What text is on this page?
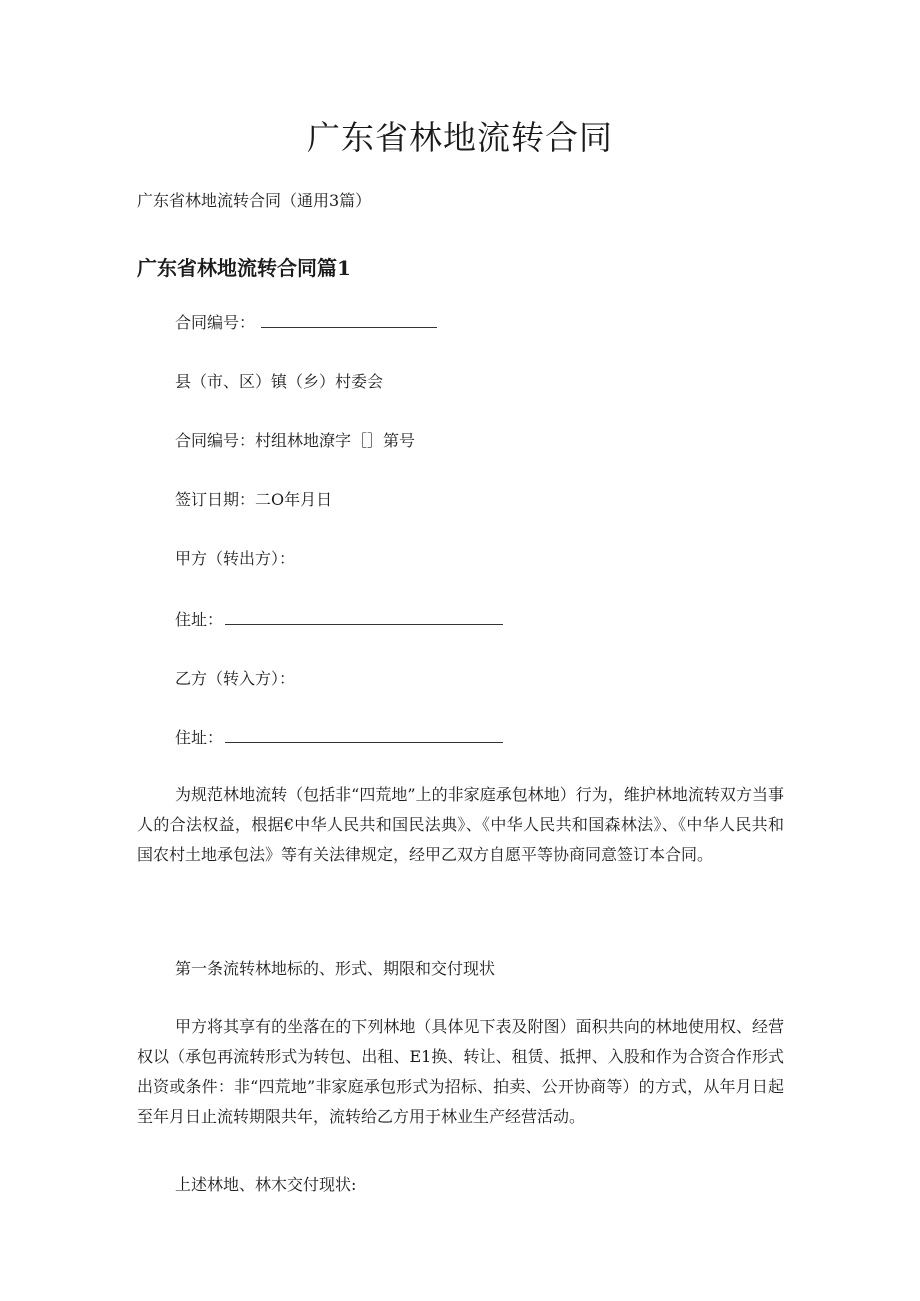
广东省林地流转合同
广东省林地流转合同（通用3篇）
广东省林地流转合同篇1
合同编号：
县（市、区）镇（乡）村委会
合同编号：村组林地潦字［］第号
签订日期：二O年月日
甲方（转出方）：
住址：
乙方（转入方）：
住址：
为规范林地流转（包括非“四荒地”上的非家庭承包林地）行为，维护林地流转双方当事人的合法权益，根据€中华人民共和国民法典》、《中华人民共和国森林法》、《中华人民共和国农村土地承包法》等有关法律规定，经甲乙双方自愿平等协商同意签订本合同。
第一条流转林地标的、形式、期限和交付现状
甲方将其享有的坐落在的下列林地（具体见下表及附图）面积共向的林地使用权、经营权以（承包再流转形式为转包、出租、E1换、转让、租赁、抵押、入股和作为合资合作形式出资或条件：非“四荒地”非家庭承包形式为招标、拍卖、公开协商等）的方式，从年月日起至年月日止流转期限共年，流转给乙方用于林业生产经营活动。
上述林地、林木交付现状:
